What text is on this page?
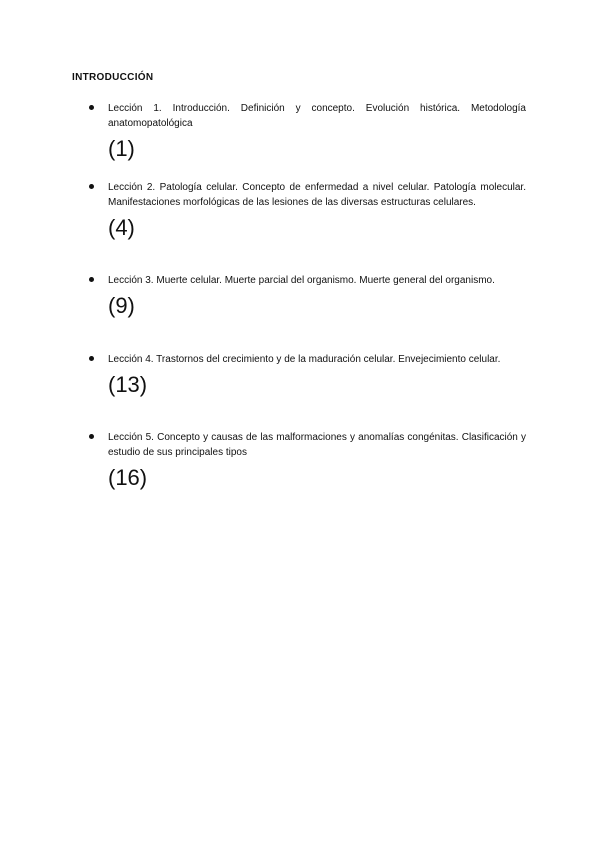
INTRODUCCIÓN

Lección 1. Introducción. Definición y concepto. Evolución histórica. Metodología anatomopatológica

(1)

Lección 2. Patología celular. Concepto de enfermedad a nivel celular. Patología molecular. Manifestaciones morfológicas de las lesiones de las diversas estructuras celulares.

(4)

Lección 3. Muerte celular. Muerte parcial del organismo. Muerte general del organismo.

(9)

Lección 4. Trastornos del crecimiento y de la maduración celular. Envejecimiento celular.

(13)

Lección 5. Concepto y causas de las malformaciones y anomalías congénitas. Clasificación y estudio de sus principales tipos

(16)
